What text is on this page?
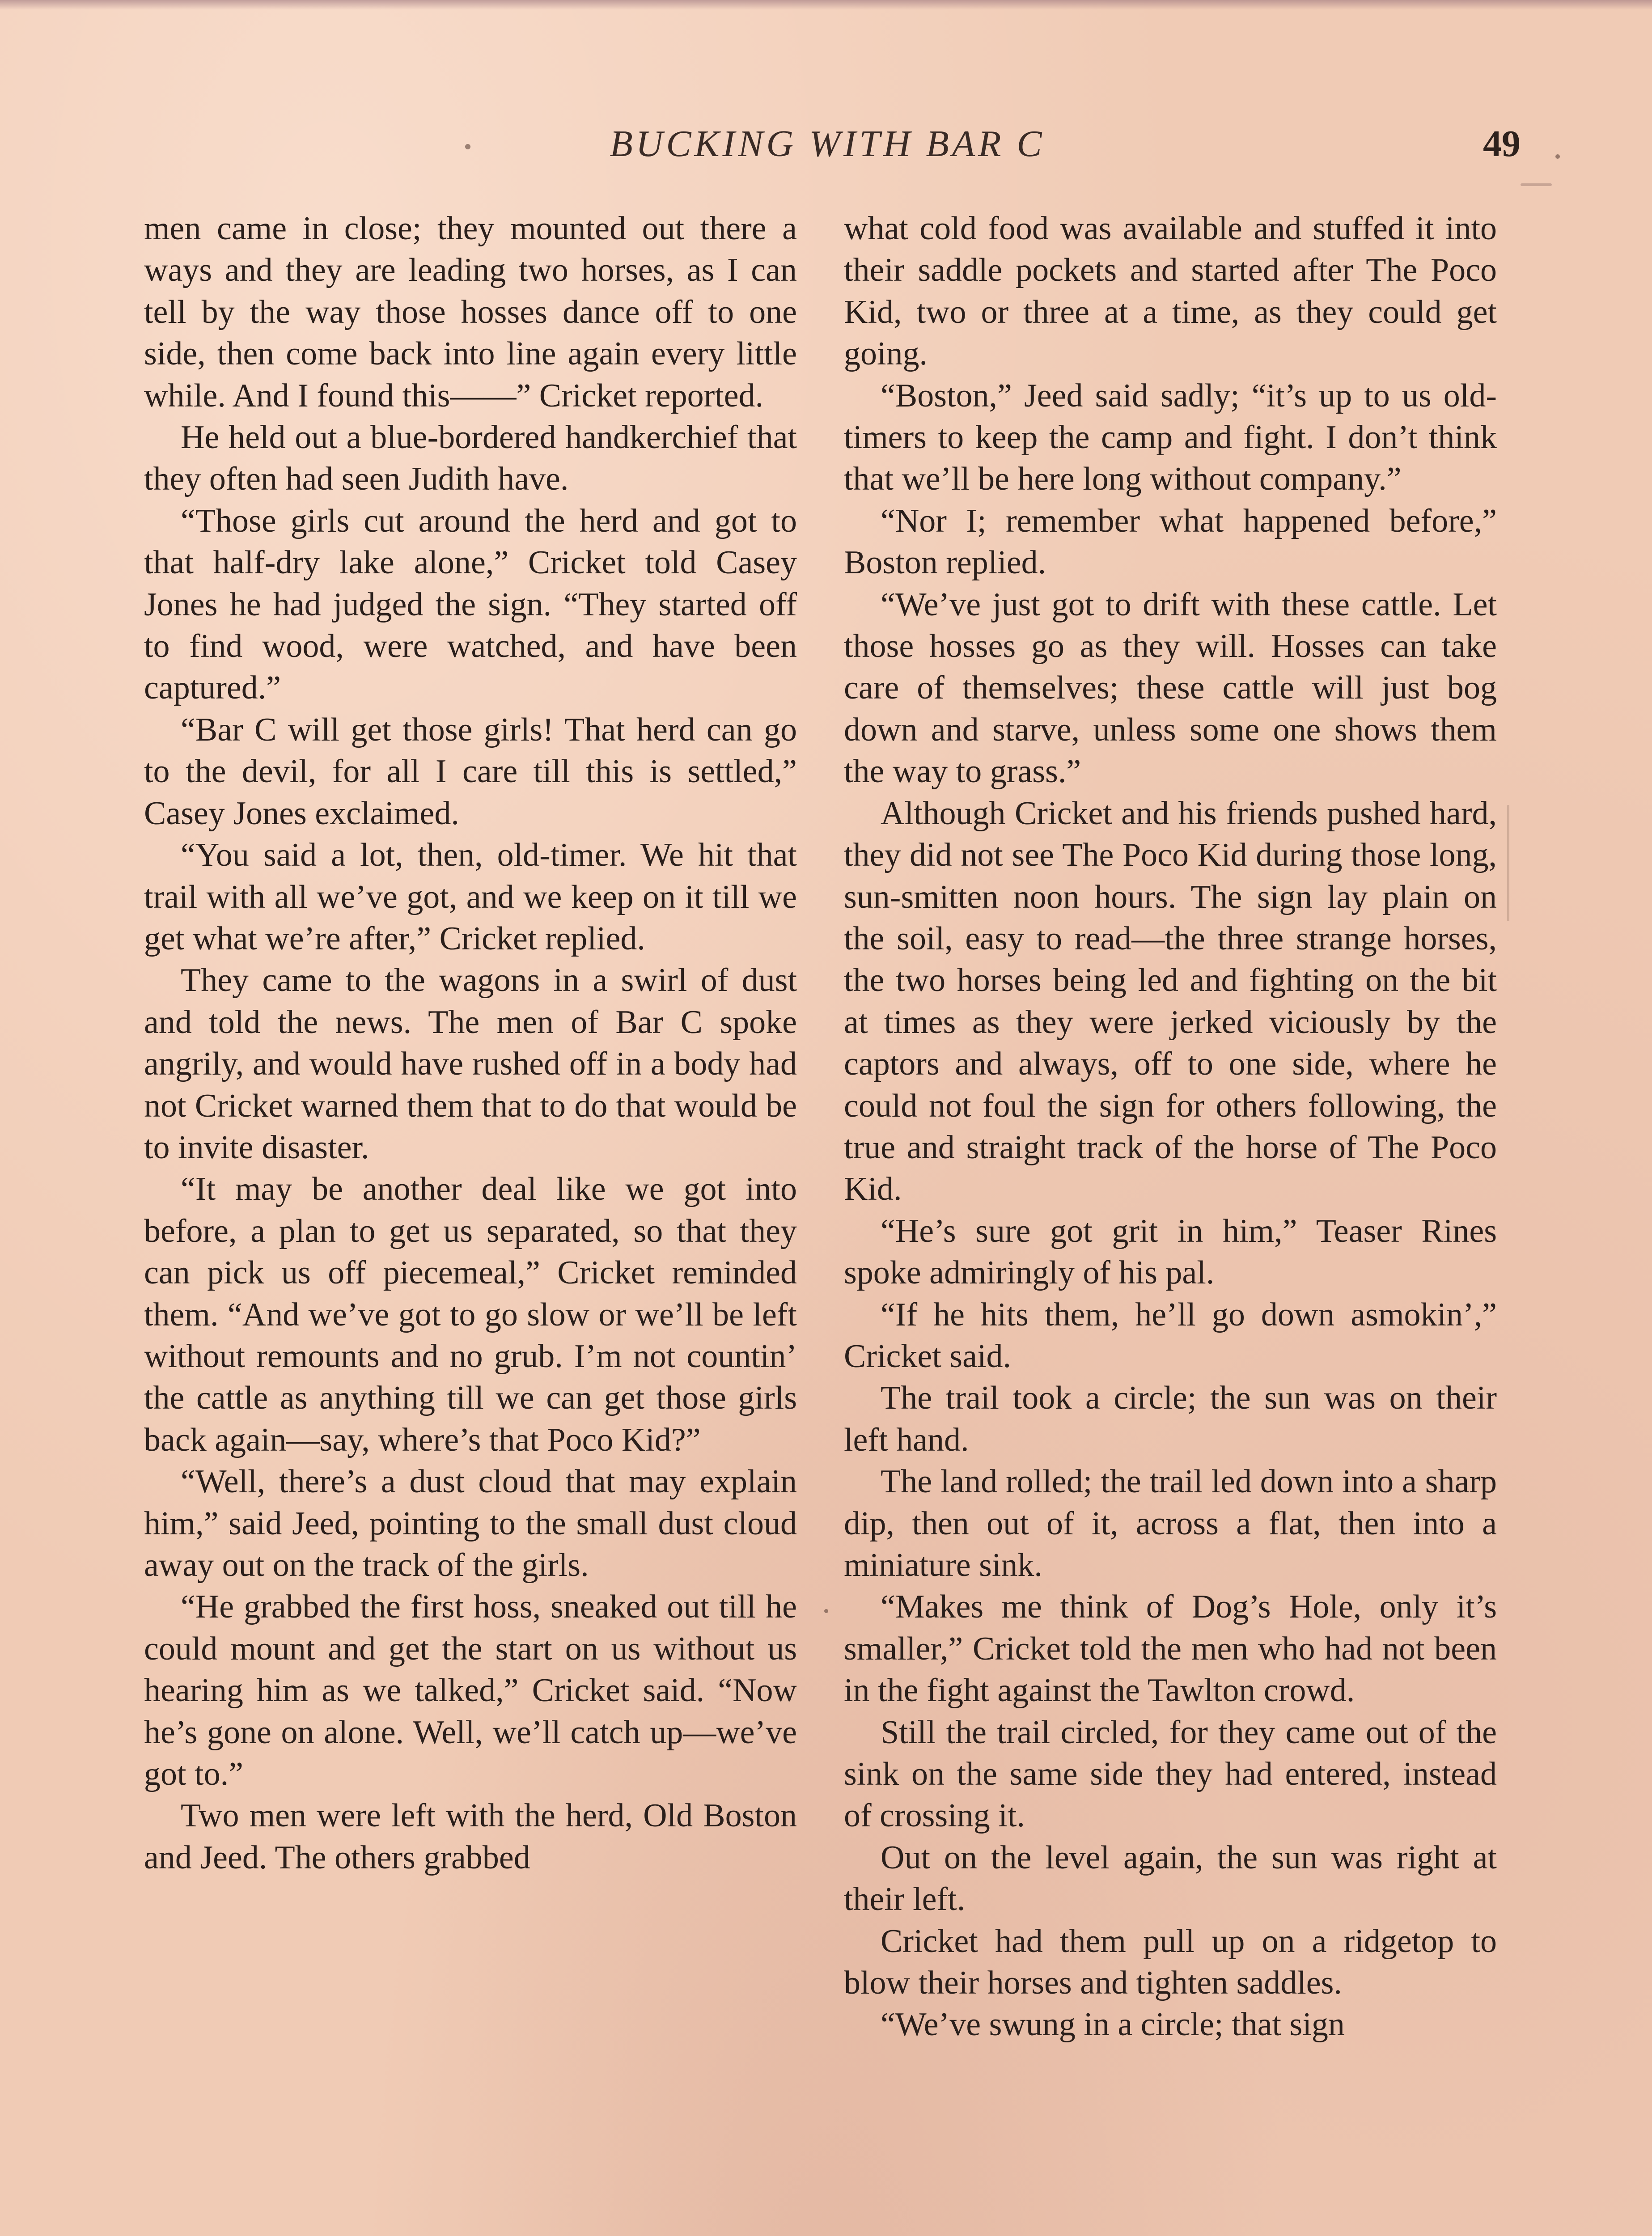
BUCKING WITH BAR C	49

men came in close; they mounted out there a ways and they are leading two horses, as I can tell by the way those hosses dance off to one side, then come back into line again every little while. And I found this——” Cricket reported.

He held out a blue-bordered handkerchief that they often had seen Judith have.

“Those girls cut around the herd and got to that half-dry lake alone,” Cricket told Casey Jones he had judged the sign. “They started off to find wood, were watched, and have been captured.”

“Bar C will get those girls! That herd can go to the devil, for all I care till this is settled,” Casey Jones exclaimed.

“You said a lot, then, old-timer. We hit that trail with all we’ve got, and we keep on it till we get what we’re after,” Cricket replied.

They came to the wagons in a swirl of dust and told the news. The men of Bar C spoke angrily, and would have rushed off in a body had not Cricket warned them that to do that would be to invite disaster.

“It may be another deal like we got into before, a plan to get us separated, so that they can pick us off piecemeal,” Cricket reminded them. “And we’ve got to go slow or we’ll be left without remounts and no grub. I’m not countin’ the cattle as anything till we can get those girls back again—say, where’s that Poco Kid?”

“Well, there’s a dust cloud that may explain him,” said Jeed, pointing to the small dust cloud away out on the track of the girls.

“He grabbed the first hoss, sneaked out till he could mount and get the start on us without us hearing him as we talked,” Cricket said. “Now he’s gone on alone. Well, we’ll catch up—we’ve got to.”

Two men were left with the herd, Old Boston and Jeed. The others grabbed

what cold food was available and stuffed it into their saddle pockets and started after The Poco Kid, two or three at a time, as they could get going.

“Boston,” Jeed said sadly; “it’s up to us old-timers to keep the camp and fight. I don’t think that we’ll be here long without company.”

“Nor I; remember what happened before,” Boston replied.

“We’ve just got to drift with these cattle. Let those hosses go as they will. Hosses can take care of themselves; these cattle will just bog down and starve, unless some one shows them the way to grass.”

Although Cricket and his friends pushed hard, they did not see The Poco Kid during those long, sun-smitten noon hours. The sign lay plain on the soil, easy to read—the three strange horses, the two horses being led and fighting on the bit at times as they were jerked viciously by the captors and always, off to one side, where he could not foul the sign for others following, the true and straight track of the horse of The Poco Kid.

“He’s sure got grit in him,” Teaser Rines spoke admiringly of his pal.

“If he hits them, he’ll go down asmokin’,” Cricket said.

The trail took a circle; the sun was on their left hand.

The land rolled; the trail led down into a sharp dip, then out of it, across a flat, then into a miniature sink.

“Makes me think of Dog’s Hole, only it’s smaller,” Cricket told the men who had not been in the fight against the Tawlton crowd.

Still the trail circled, for they came out of the sink on the same side they had entered, instead of crossing it.

Out on the level again, the sun was right at their left.

Cricket had them pull up on a ridgetop to blow their horses and tighten saddles.

“We’ve swung in a circle; that sign
